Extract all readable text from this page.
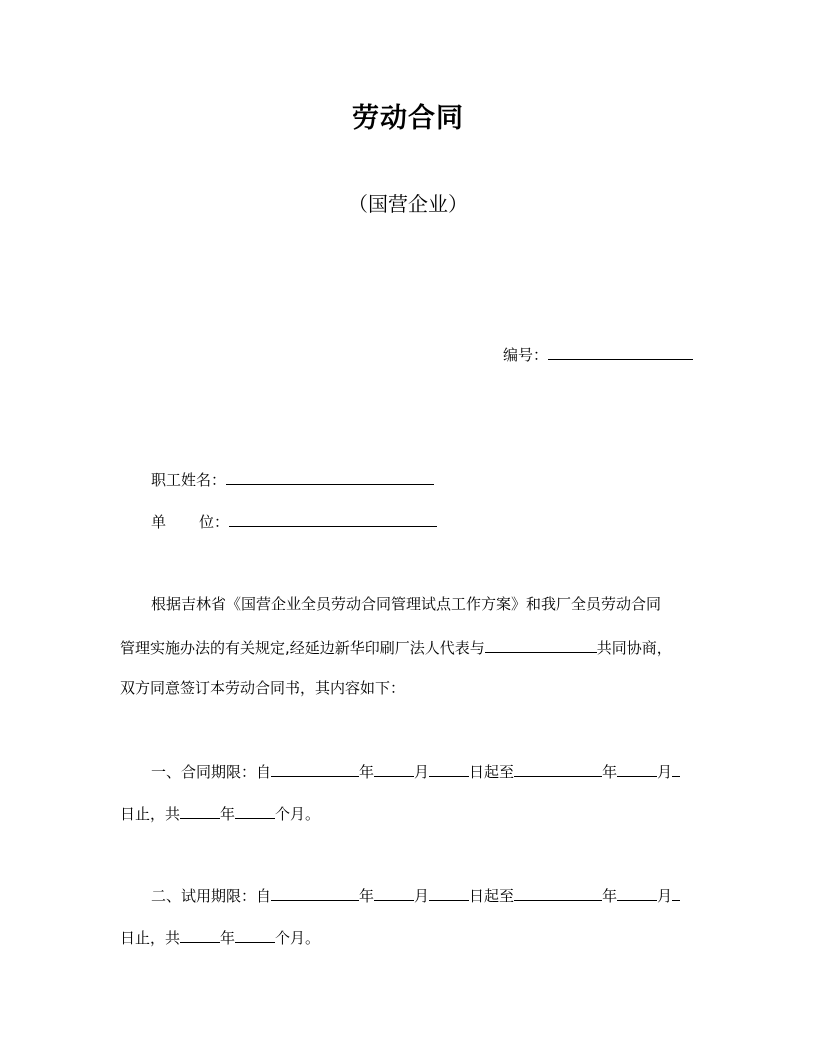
劳动合同
（国营企业）
编号：
职工姓名：
单 位：
根据吉林省《国营企业全员劳动合同管理试点工作方案》和我厂全员劳动合同
管理实施办法的有关规定,经延边新华印刷厂法人代表与	共同协商，
双方同意签订本劳动合同书，其内容如下：
一、合同期限：自	年	月	日起至	年	月
日止，共	年	个月。
二、试用期限：自	年	月	日起至	年	月
日止，共	年	个月。
